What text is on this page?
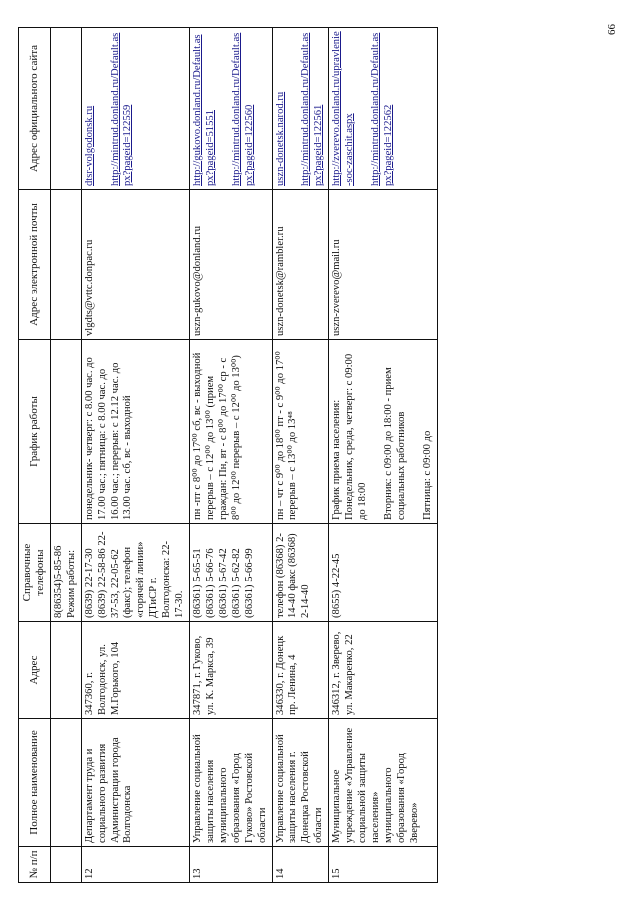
№ п/п	Полное наименование	Адрес	Справочные телефоны	График работы	Адрес электронной почты	Адрес официального сайта
			8(86354)5-85-86 Режим работы:			
12	Департамент труда и социального развития Администрации города Волгодонска	347360, г. Волгодонск, ул. М.Горького, 104	(8639) 22-17-30 (8639) 22-58-86 22-37-53, 22-05-62 (факс); телефон «горячей линии» ДТиСР г. Волгодонска: 22-17-30.	понедельник- четверг: с 8.00 час. до 17.00 час.; пятница: с 8.00 час. до 16.00 час.; перерыв: с 12.12 час. до 13.00 час. сб, вс - выходной	vlgdts@vttc.donpac.ru	dtsr-volgodonsk.ru

http://mintrud.donland.ru/Default.aspx?pageid=122559
13	Управление социальной защиты населения муниципального образования «Город Гуково» Ростовской области	347871, г. Гуково, ул. К. Маркса, 39	(86361) 5-65-51 (86361) 5-66-76 (86361) 5-67-42 (86361) 5-62-82 (86361) 5-66-99	пн -пт с 8⁰⁰ до 17⁰⁰ сб, вс - выходной перерыв – с 12⁰⁰ до 13⁰⁰ (прием граждан: Пн, вт - с 8⁰⁰ до 17⁰⁰ ср - с 8⁰⁰ до 12⁰⁰ перерыв – с 12⁰⁰ до 13⁰⁰)	uszn-gukovo@donland.ru	http://gukovo.donland.ru/Default.aspx?pageid=51551

http://mintrud.donland.ru/Default.aspx?pageid=122560
14	Управление социальной защиты населения г. Донецка Ростовской области	346330, г. Донецк пр. Ленина, 4	телефон (86368) 2-14-40 факс (86368) 2-14-40	пн – чт с 9⁰⁰ до 18⁰⁰ пт - с 9⁰⁰ до 17⁰⁰ перерыв – с 13⁰⁰ до 13⁴⁸	uszn-donetsk@rambler.ru	uszn-donetsk.narod.ru

http://mintrud.donland.ru/Default.aspx?pageid=122561
15	Муниципальное учреждение «Управление социальной защиты населения» муниципального образования «Город Зверево»	346312, г. Зверево, ул. Макаренко, 22	(8655) 4-22-45	График приема населения: Понедельник, среда, четверг: с 09:00 до 18:00

Вторник: с 09:00 до 18:00 - прием социальных работников

Пятница: с 09:00 до	uszn-zverevo@mail.ru	http://zverevo.donland.ru/upravlenie-soc-zaschit.aspx

http://mintrud.donland.ru/Default.aspx?pageid=122562
66
